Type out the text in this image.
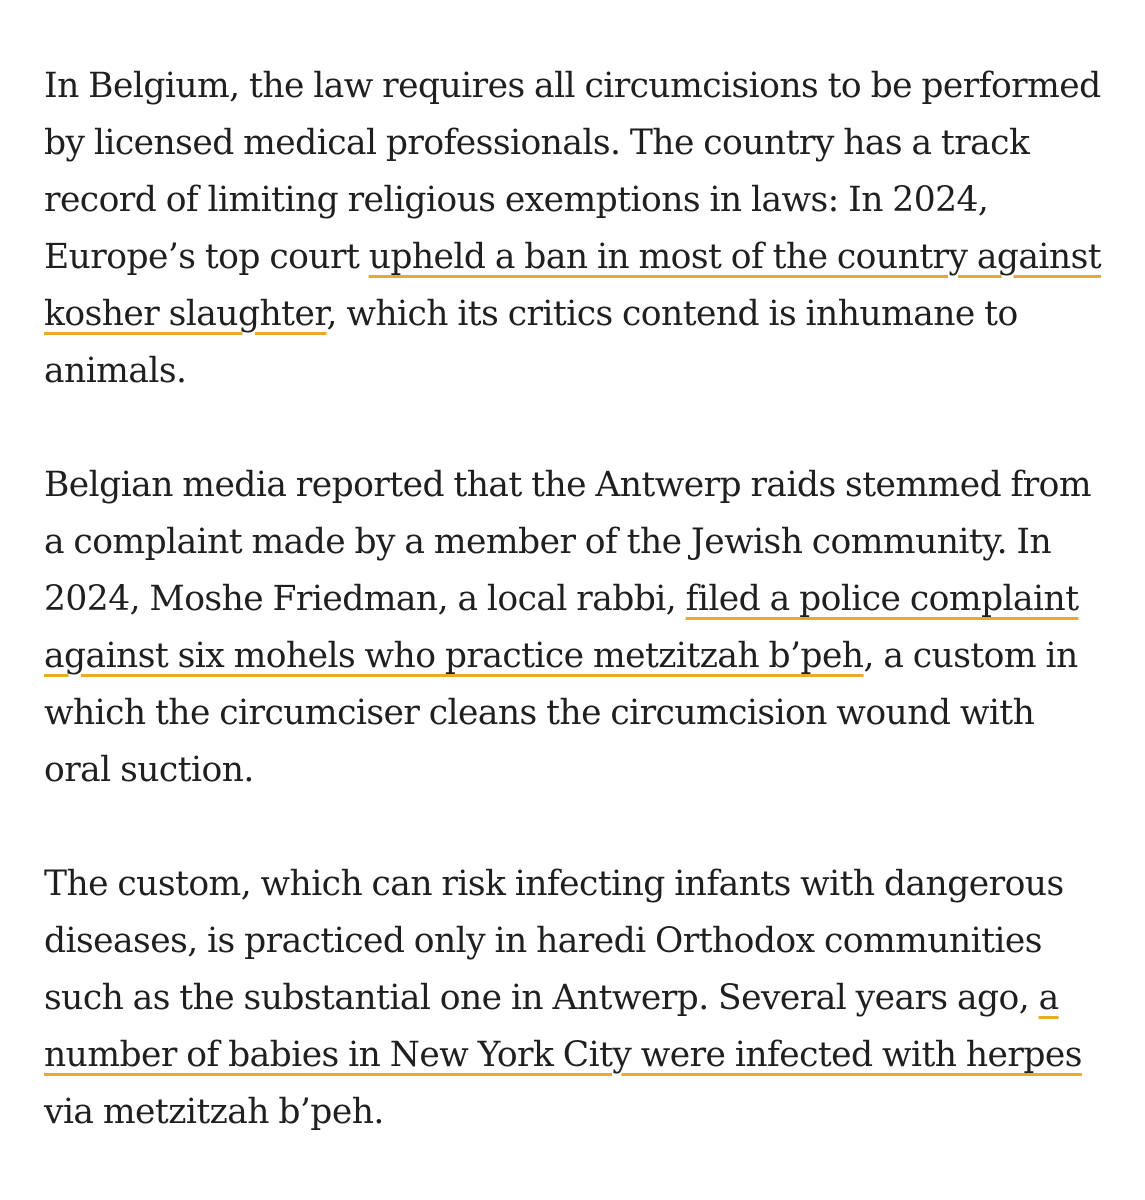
In Belgium, the law requires all circumcisions to be performed by licensed medical professionals. The country has a track record of limiting religious exemptions in laws: In 2024, Europe’s top court upheld a ban in most of the country against kosher slaughter, which its critics contend is inhumane to animals.

Belgian media reported that the Antwerp raids stemmed from a complaint made by a member of the Jewish community. In 2024, Moshe Friedman, a local rabbi, filed a police complaint against six mohels who practice metzitzah b’peh, a custom in which the circumciser cleans the circumcision wound with oral suction.

The custom, which can risk infecting infants with dangerous diseases, is practiced only in haredi Orthodox communities such as the substantial one in Antwerp. Several years ago, a number of babies in New York City were infected with herpes via metzitzah b’peh.
